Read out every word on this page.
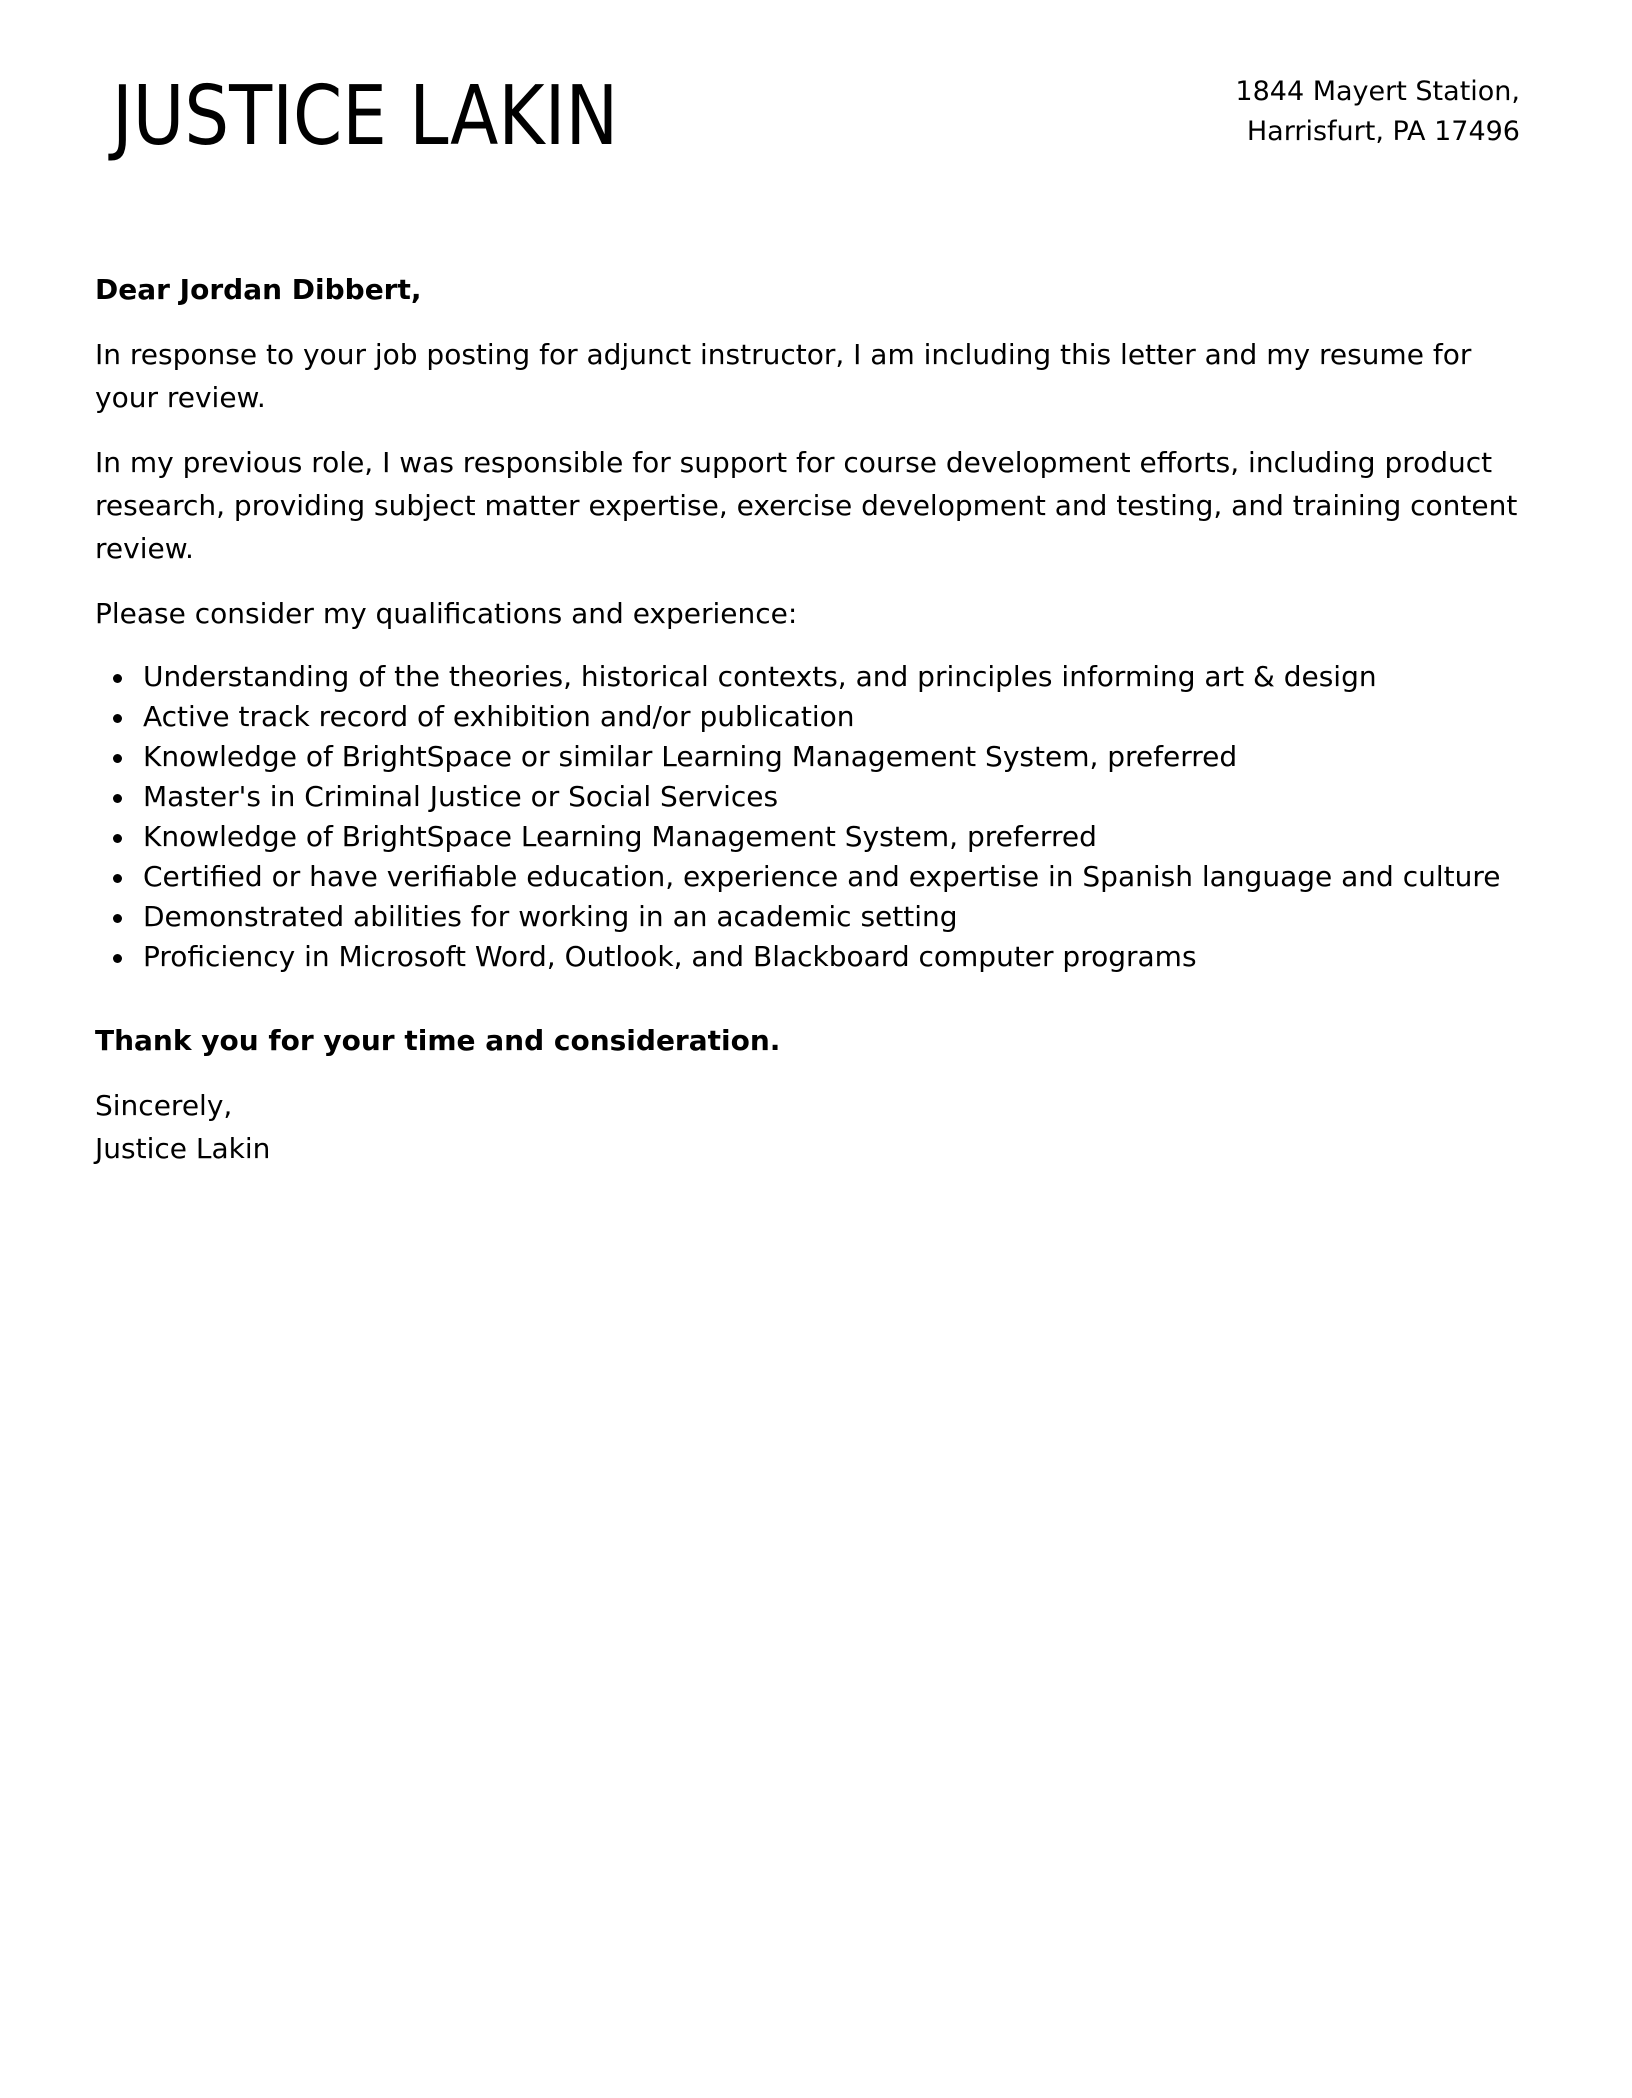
JUSTICE LAKIN	1844 Mayert Station,
Harrisfurt, PA 17496
Dear Jordan Dibbert,
In response to your job posting for adjunct instructor, I am including this letter and my resume for your review.
In my previous role, I was responsible for support for course development efforts, including product research, providing subject matter expertise, exercise development and testing, and training content review.
Please consider my qualifications and experience:
Understanding of the theories, historical contexts, and principles informing art & design
Active track record of exhibition and/or publication
Knowledge of BrightSpace or similar Learning Management System, preferred
Master's in Criminal Justice or Social Services
Knowledge of BrightSpace Learning Management System, preferred
Certified or have verifiable education, experience and expertise in Spanish language and culture
Demonstrated abilities for working in an academic setting
Proficiency in Microsoft Word, Outlook, and Blackboard computer programs
Thank you for your time and consideration.
Sincerely,
Justice Lakin
